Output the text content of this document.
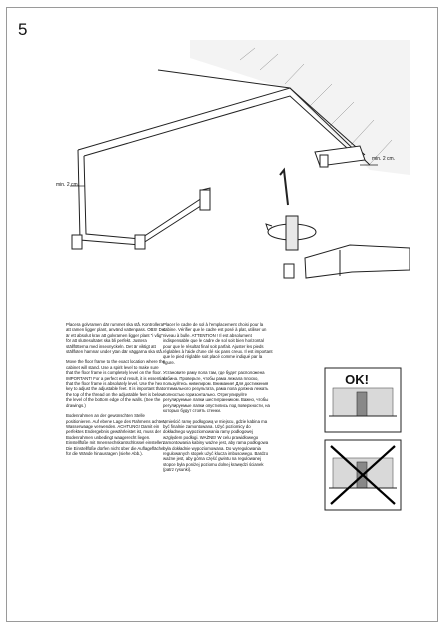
5
min. 2 cm.
min. 2 cm.

Placera golvramen där rummet ska stå. Kontrollera att ramen ligger plant, använd vattenpass. OBS! Det är ett absolut krav att golvramen ligger plant "i våg" för att slutresultatet ska bli perfekt. Justera ställfötterna med insexnyckeln. Det är viktigt att ställfoten hamnar under ytan där väggarna ska stå.

Move the floor frame to the exact location where the cabinet will stand. Use a spirit level to make sure that the floor frame is completely level on the floor. IMPORTANT! For a perfect end result, it is essential that the floor frame is absolutely level. Use the hex key to adjust the adjustable feet. It is important that the top of the thread on the adjustable feet is below the level of the bottom edge of the walls. (See the drawings.)

Bodenrahmen an der gewünschten Stelle positionieren. Auf ebene Lage des Rahmens achten, Wasserwaage verwenden. ACHTUNG! Damit ein perfektes Endergebnis gewährleistet ist, muss der Bodenrahmen unbedingt waagerecht liegen. Einstellfüße mit Innensechskantschlüssel einstellen. Die Einstellfüße dürfen nicht über die Auflagefläche für die Wände hinausragen (siehe Abb.).

Placer le cadre de sol à l'emplacement choisi pour la cabine. Vérifier que le cadre est posé à plat, utiliser un niveau à bulle. ATTENTION ! Il est absolument indispensable que le cadre de sol soit bien horizontal pour que le résultat final soit parfait. Ajuster les pieds réglables à l'aide d'une clé six pans creux. Il est important que le pied réglable soit placé comme indiqué par la figure.

Установите раму пола там, где будет расположена кабина. Проверьте, чтобы рама лежала плоско, пользуйтесь нивелиром. Внимание! Для достижения оптимального результата, рама пола должна лежать полностью горизонтально. Отрегулируйте регулируемые лапки шестигранником. Важно, чтобы регулируемые лапки опустились под поверхности, на которых будут стоять стенки.

Umieścić ramę podłogową w miejscu, gdzie kabina ma być finalnie zamontowana. Użyć poziomicy do dokładnego wypoziomowania ramy podłogowej względem podłogi. WAŻNE! W celu prawidłowego zamontowania kabiny ważne jest, aby rama podłogowa była dokładnie wypoziomowana. Do wyregulowania regulowanych stopek użyć klucza imbusowego. Bardzo ważne jest, aby górna część gwintu na regulowanej stopce była poniżej poziomu dolnej krawędzi ścianek (patrz rysunki).

OK!
